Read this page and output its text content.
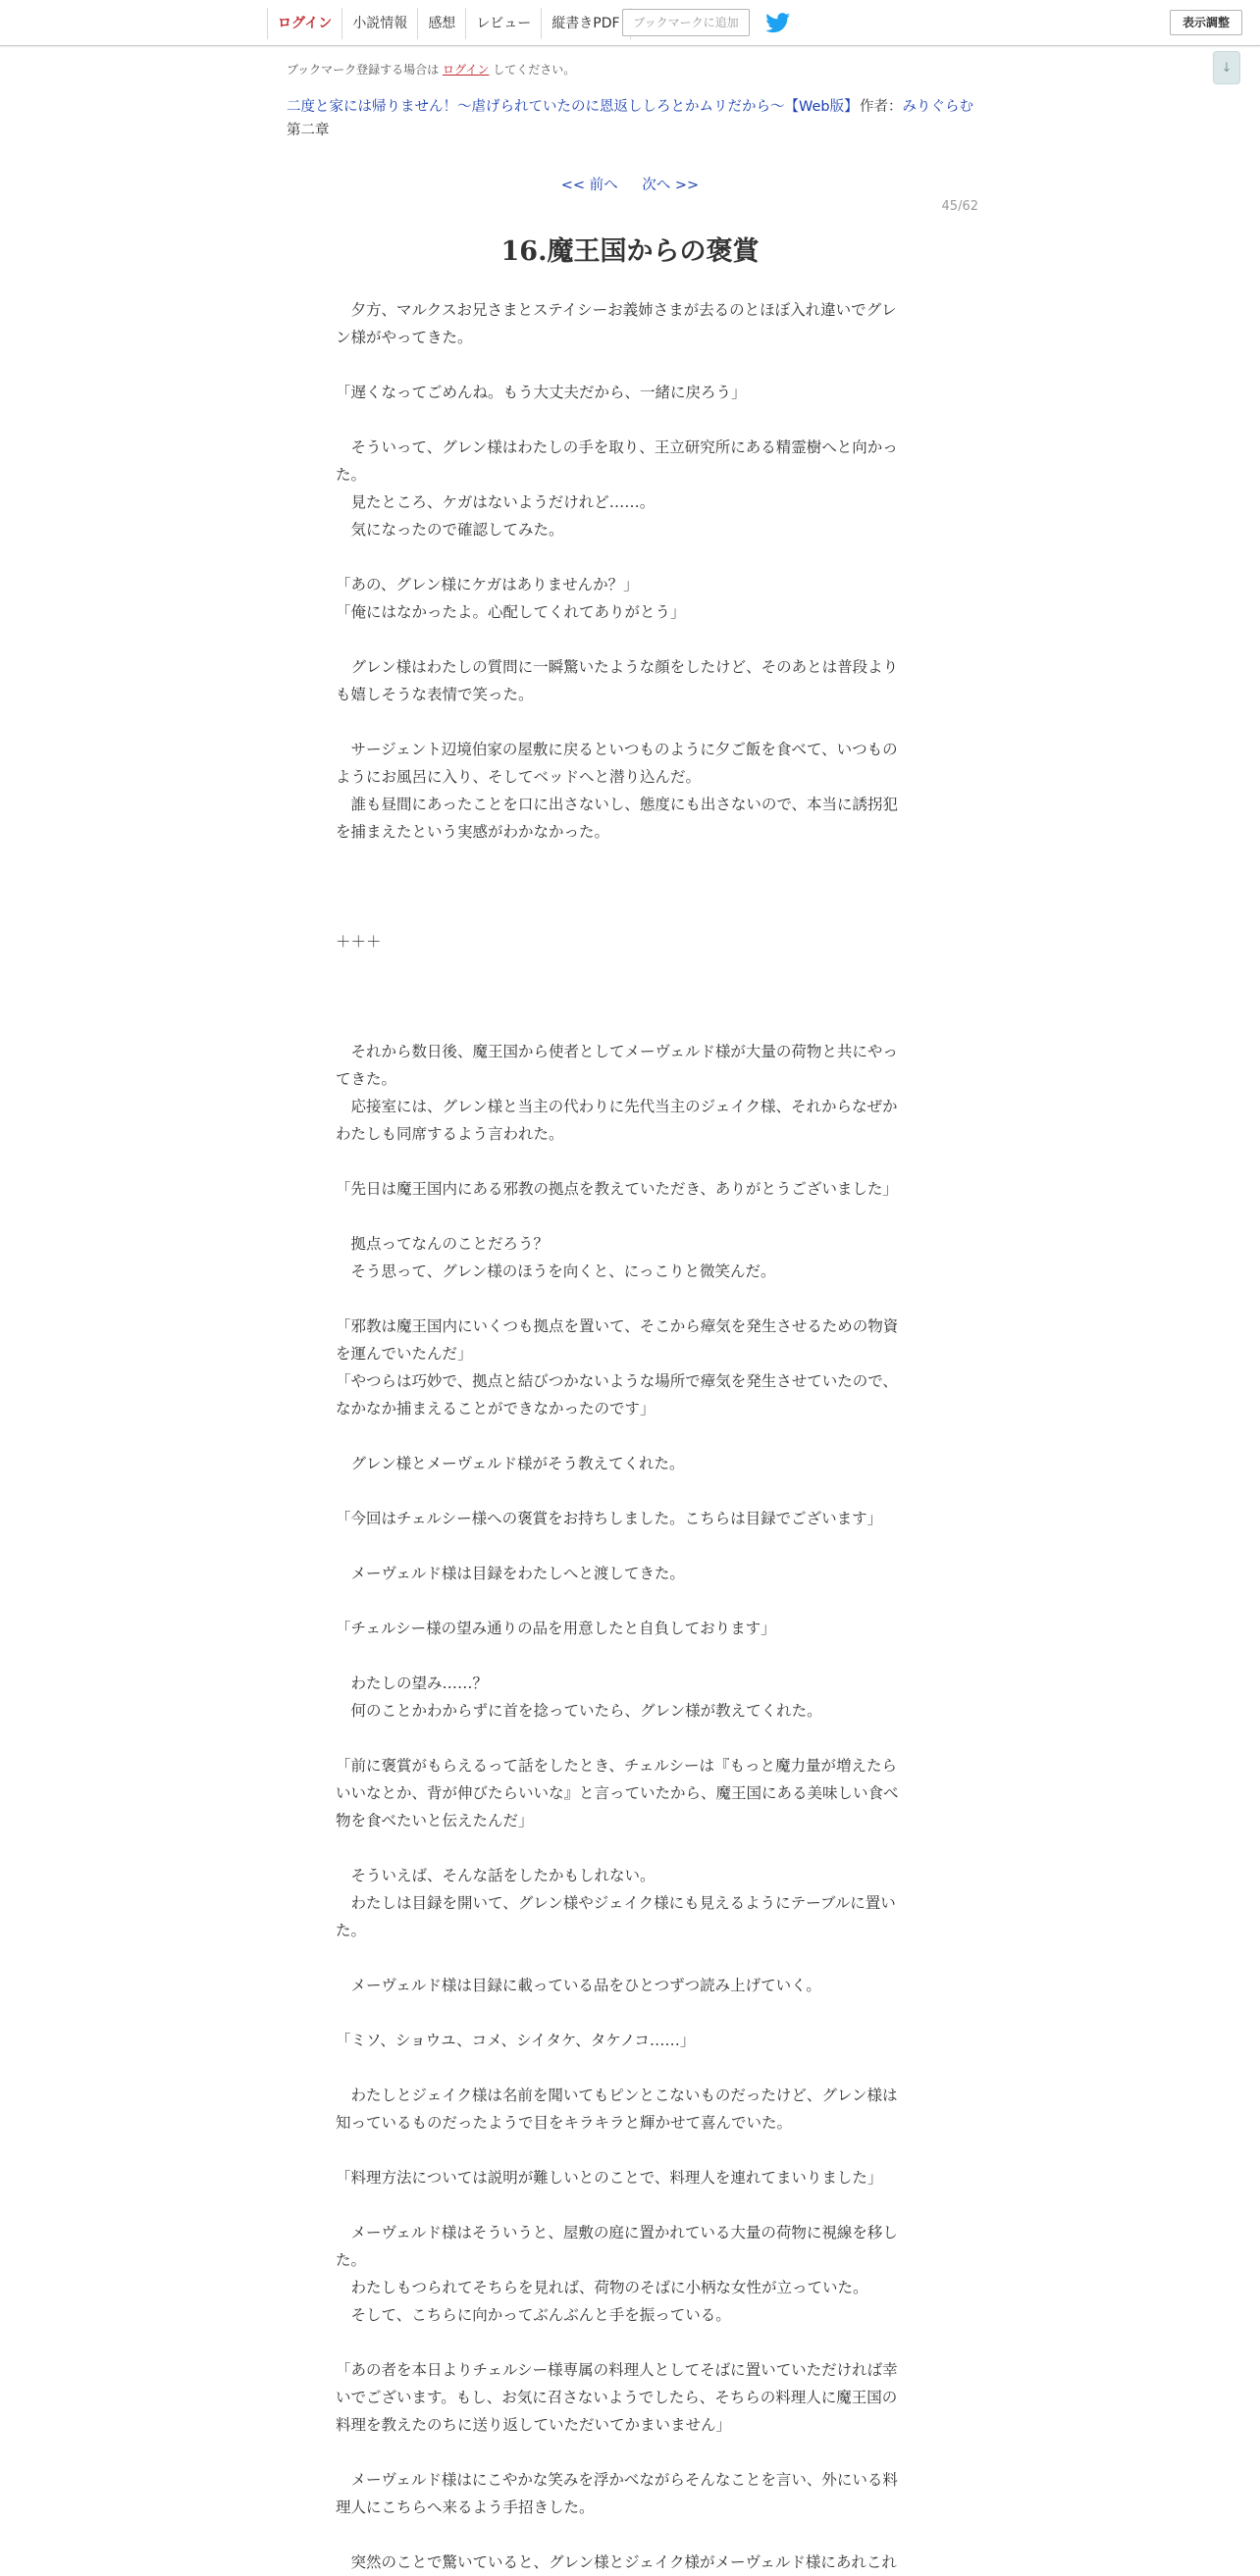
ログイン	小説情報	感想	レビュー	縦書きPDF	ブックマークに追加	表示調整
↓
ブックマーク登録する場合は ログイン してください。
二度と家には帰りません！～虐げられていたのに恩返ししろとかムリだから～【Web版】 作者：みりぐらむ
第二章
<< 前へ 次へ >>
45/62
16.魔王国からの褒賞

　夕方、マルクスお兄さまとステイシーお義姉さまが去るのとほぼ入れ違いでグレ

ン様がやってきた。

「遅くなってごめんね。もう大丈夫だから、一緒に戻ろう」

　そういって、グレン様はわたしの手を取り、王立研究所にある精霊樹へと向かっ

た。

　見たところ、ケガはないようだけれど……。

　気になったので確認してみた。

「あの、グレン様にケガはありませんか？」

「俺にはなかったよ。心配してくれてありがとう」

　グレン様はわたしの質問に一瞬驚いたような顔をしたけど、そのあとは普段より

も嬉しそうな表情で笑った。

　サージェント辺境伯家の屋敷に戻るといつものように夕ご飯を食べて、いつもの

ようにお風呂に入り、そしてベッドへと潜り込んだ。

　誰も昼間にあったことを口に出さないし、態度にも出さないので、本当に誘拐犯

を捕まえたという実感がわかなかった。

＋＋＋

　それから数日後、魔王国から使者としてメーヴェルド様が大量の荷物と共にやっ

てきた。

　応接室には、グレン様と当主の代わりに先代当主のジェイク様、それからなぜか

わたしも同席するよう言われた。

「先日は魔王国内にある邪教の拠点を教えていただき、ありがとうございました」

　拠点ってなんのことだろう？

　そう思って、グレン様のほうを向くと、にっこりと微笑んだ。

「邪教は魔王国内にいくつも拠点を置いて、そこから瘴気を発生させるための物資

を運んでいたんだ」

「やつらは巧妙で、拠点と結びつかないような場所で瘴気を発生させていたので、

なかなか捕まえることができなかったのです」

　グレン様とメーヴェルド様がそう教えてくれた。

「今回はチェルシー様への褒賞をお持ちしました。こちらは目録でございます」

　メーヴェルド様は目録をわたしへと渡してきた。

「チェルシー様の望み通りの品を用意したと自負しております」

　わたしの望み……？

　何のことかわからずに首を捻っていたら、グレン様が教えてくれた。

「前に褒賞がもらえるって話をしたとき、チェルシーは『もっと魔力量が増えたら

いいなとか、背が伸びたらいいな』と言っていたから、魔王国にある美味しい食べ

物を食べたいと伝えたんだ」

　そういえば、そんな話をしたかもしれない。

　わたしは目録を開いて、グレン様やジェイク様にも見えるようにテーブルに置い

た。

　メーヴェルド様は目録に載っている品をひとつずつ読み上げていく。

「ミソ、ショウユ、コメ、シイタケ、タケノコ……」

　わたしとジェイク様は名前を聞いてもピンとこないものだったけど、グレン様は

知っているものだったようで目をキラキラと輝かせて喜んでいた。

「料理方法については説明が難しいとのことで、料理人を連れてまいりました」

　メーヴェルド様はそういうと、屋敷の庭に置かれている大量の荷物に視線を移し

た。

　わたしもつられてそちらを見れば、荷物のそばに小柄な女性が立っていた。

　そして、こちらに向かってぶんぶんと手を振っている。

「あの者を本日よりチェルシー様専属の料理人としてそばに置いていただければ幸

いでございます。もし、お気に召さないようでしたら、そちらの料理人に魔王国の

料理を教えたのちに送り返していただいてかまいません」

　メーヴェルド様はにこやかな笑みを浮かべながらそんなことを言い、外にいる料

理人にこちらへ来るよう手招きした。

　突然のことで驚いていると、グレン様とジェイク様がメーヴェルド様にあれこれ
